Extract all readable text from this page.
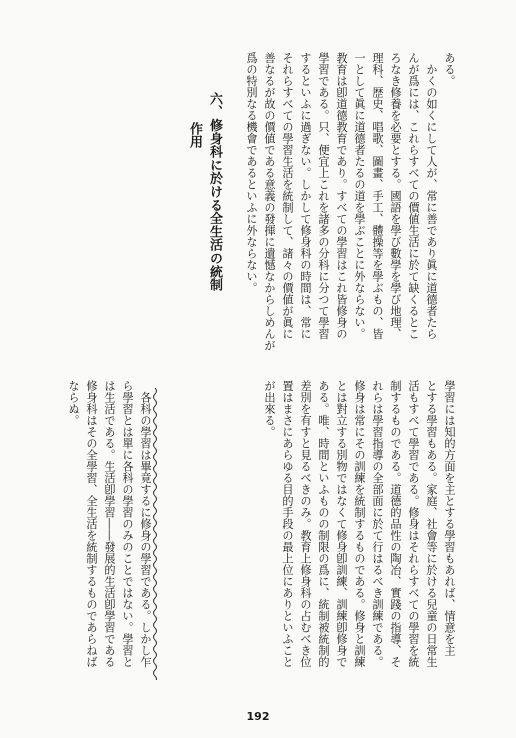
ある。
　かくの如くにして人が、常に善であり眞に道德者たら
んが爲には、これらすべての價値生活に於て缺くるとこ
ろなき修養を必要とする。國語を學び數學を學び地理、
理科、歴史、唱歌、圖畫、手工、體操等を學ぶもの、皆
一として眞に道德者たるの道を學ぶことに外ならない。
教育は卽道德教育であり。すべての學習はこれ皆修身の
學習である。只、便宜上これを諸多の分科に分つて學習
するといふに過ぎない。しかして修身科の時間は、常に
それらすべての學習生活を統制して、諸々の價値が眞に
善なるが故の價値である意義の發揮に遺憾なからしめんが
爲の特別なる機會であるといふに外ならない。
六、修身科に於ける全生活の統制
作用
學習には知的方面を主とする學習もあれば、情意を主
とする學習もある。家庭、社會等に於ける兒童の日常生
活もすべて學習である。修身はそれらすべての學習を統
制するものである。道德的品性の陶冶、實踐の指導、そ
れらは學習指導の全部面に於て行はるべき訓練である。
修身は常にその訓練を統制するものである。修身と訓練
とは對立する別物ではなくて修身卽訓練、訓練卽修身で
ある。唯、時間といふものの制限の爲に、統制被統制的
差別を有すと見るべきのみ。教育上修身科の占むべき位
置はまさにあらゆる目的手段の最上位にありといふこと
が出來る。
　各科の學習は畢竟するに修身の學習である。しかし乍
ら學習とは單に各科の學習のみのことではない。學習と
は生活である。生活卽學習――發展的生活卽學習である
修身科はその全學習、全生活を統制するものであらねば
ならぬ。
192
